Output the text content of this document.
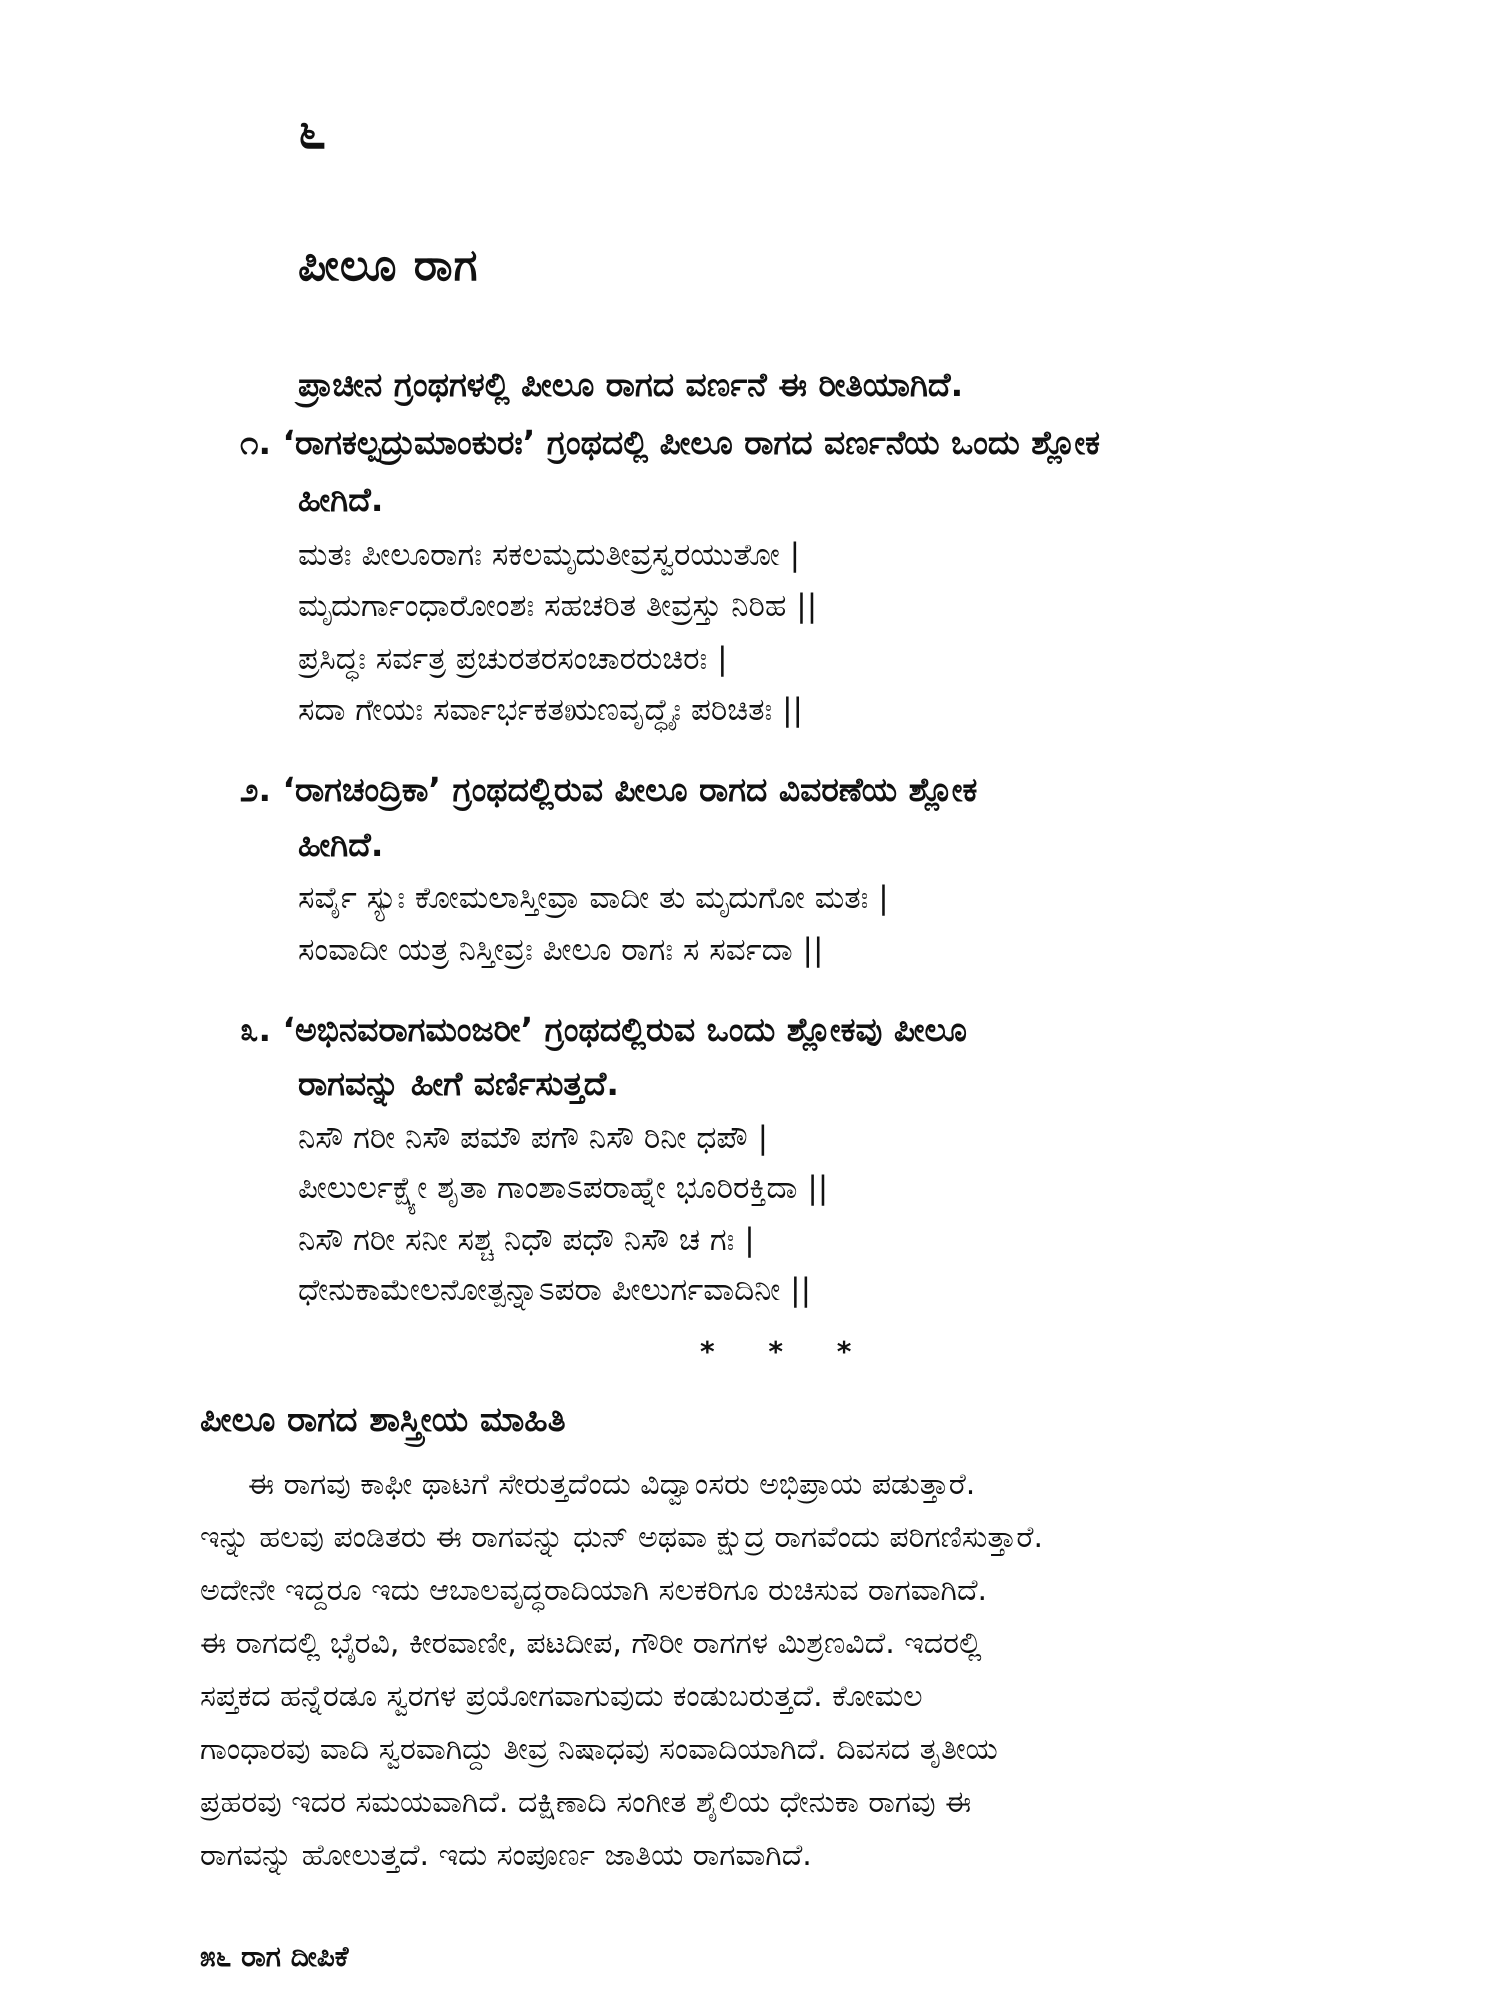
೬
ಪೀಲೂ ರಾಗ
ಪ್ರಾಚೀನ ಗ್ರಂಥಗಳಲ್ಲಿ ಪೀಲೂ ರಾಗದ ವರ್ಣನೆ ಈ ರೀತಿಯಾಗಿದೆ.
೧. ‘ರಾಗಕಲ್ಪದ್ರುಮಾಂಕುರಃ’ ಗ್ರಂಥದಲ್ಲಿ ಪೀಲೂ ರಾಗದ ವರ್ಣನೆಯ ಒಂದು ಶ್ಲೋಕ
ಹೀಗಿದೆ.
ಮತಃ ಪೀಲೂರಾಗಃ ಸಕಲಮೃದುತೀವ್ರಸ್ವರಯುತೋ |
ಮೃದುರ್ಗಾಂಧಾರೋಂಶಃ ಸಹಚರಿತ ತೀವ್ರಸ್ತು ನಿರಿಹ ||
ಪ್ರಸಿದ್ಧಃ ಸರ್ವತ್ರ ಪ್ರಚುರತರಸಂಚಾರರುಚಿರಃ |
ಸದಾ ಗೇಯಃ ಸರ್ವಾರ್ಭಕತಋಣವೃದ್ಧೈಃ ಪರಿಚಿತಃ ||
೨. ‘ರಾಗಚಂದ್ರಿಕಾ’ ಗ್ರಂಥದಲ್ಲಿರುವ ಪೀಲೂ ರಾಗದ ವಿವರಣೆಯ ಶ್ಲೋಕ
ಹೀಗಿದೆ.
ಸರ್ವೈ ಸ್ಯುಃ ಕೋಮಲಾಸ್ತೀವ್ರಾ ವಾದೀ ತು ಮೃದುಗೋ ಮತಃ |
ಸಂವಾದೀ ಯತ್ರ ನಿಸ್ತೀವ್ರಃ ಪೀಲೂ ರಾಗಃ ಸ ಸರ್ವದಾ ||
೩. ‘ಅಭಿನವರಾಗಮಂಜರೀ’ ಗ್ರಂಥದಲ್ಲಿರುವ ಒಂದು ಶ್ಲೋಕವು ಪೀಲೂ
ರಾಗವನ್ನು ಹೀಗೆ ವರ್ಣಿಸುತ್ತದೆ.
ನಿಸೌ ಗರೀ ನಿಸೌ ಪಮೌ ಪಗೌ ನಿಸೌ ರಿನೀ ಧಪೌ |
ಪೀಲುರ್ಲಕ್ಷ್ಯೇ ಶೃತಾ ಗಾಂಶಾಽಪರಾಹ್ನೇ ಭೂರಿರಕ್ತಿದಾ ||
ನಿಸೌ ಗರೀ ಸನೀ ಸಶ್ಚ ನಿಧೌ ಪಧೌ ನಿಸೌ ಚ ಗಃ |
ಧೇನುಕಾಮೇಲನೋತ್ಪನ್ನಾಽಪರಾ ಪೀಲುರ್ಗವಾದಿನೀ ||
* * *
ಪೀಲೂ ರಾಗದ ಶಾಸ್ತ್ರೀಯ ಮಾಹಿತಿ
ಈ ರಾಗವು ಕಾಫೀ ಥಾಟಗೆ ಸೇರುತ್ತದೆಂದು ವಿದ್ವಾಂಸರು ಅಭಿಪ್ರಾಯ ಪಡುತ್ತಾರೆ.
ಇನ್ನು ಹಲವು ಪಂಡಿತರು ಈ ರಾಗವನ್ನು ಧುನ್ ಅಥವಾ ಕ್ಷುದ್ರ ರಾಗವೆಂದು ಪರಿಗಣಿಸುತ್ತಾರೆ.
ಅದೇನೇ ಇದ್ದರೂ ಇದು ಆಬಾಲವೃದ್ಧರಾದಿಯಾಗಿ ಸಲಕರಿಗೂ ರುಚಿಸುವ ರಾಗವಾಗಿದೆ.
ಈ ರಾಗದಲ್ಲಿ ಭೈರವಿ, ಕೀರವಾಣೀ, ಪಟದೀಪ, ಗೌರೀ ರಾಗಗಳ ಮಿಶ್ರಣವಿದೆ. ಇದರಲ್ಲಿ
ಸಪ್ತಕದ ಹನ್ನೆರಡೂ ಸ್ವರಗಳ ಪ್ರಯೋಗವಾಗುವುದು ಕಂಡುಬರುತ್ತದೆ. ಕೋಮಲ
ಗಾಂಧಾರವು ವಾದಿ ಸ್ವರವಾಗಿದ್ದು ತೀವ್ರ ನಿಷಾಧವು ಸಂವಾದಿಯಾಗಿದೆ. ದಿವಸದ ತೃತೀಯ
ಪ್ರಹರವು ಇದರ ಸಮಯವಾಗಿದೆ. ದಕ್ಷಿಣಾದಿ ಸಂಗೀತ ಶೈಲಿಯ ಧೇನುಕಾ ರಾಗವು ಈ
ರಾಗವನ್ನು ಹೋಲುತ್ತದೆ. ಇದು ಸಂಪೂರ್ಣ ಜಾತಿಯ ರಾಗವಾಗಿದೆ.
೫೬ ರಾಗ ದೀಪಿಕೆ
